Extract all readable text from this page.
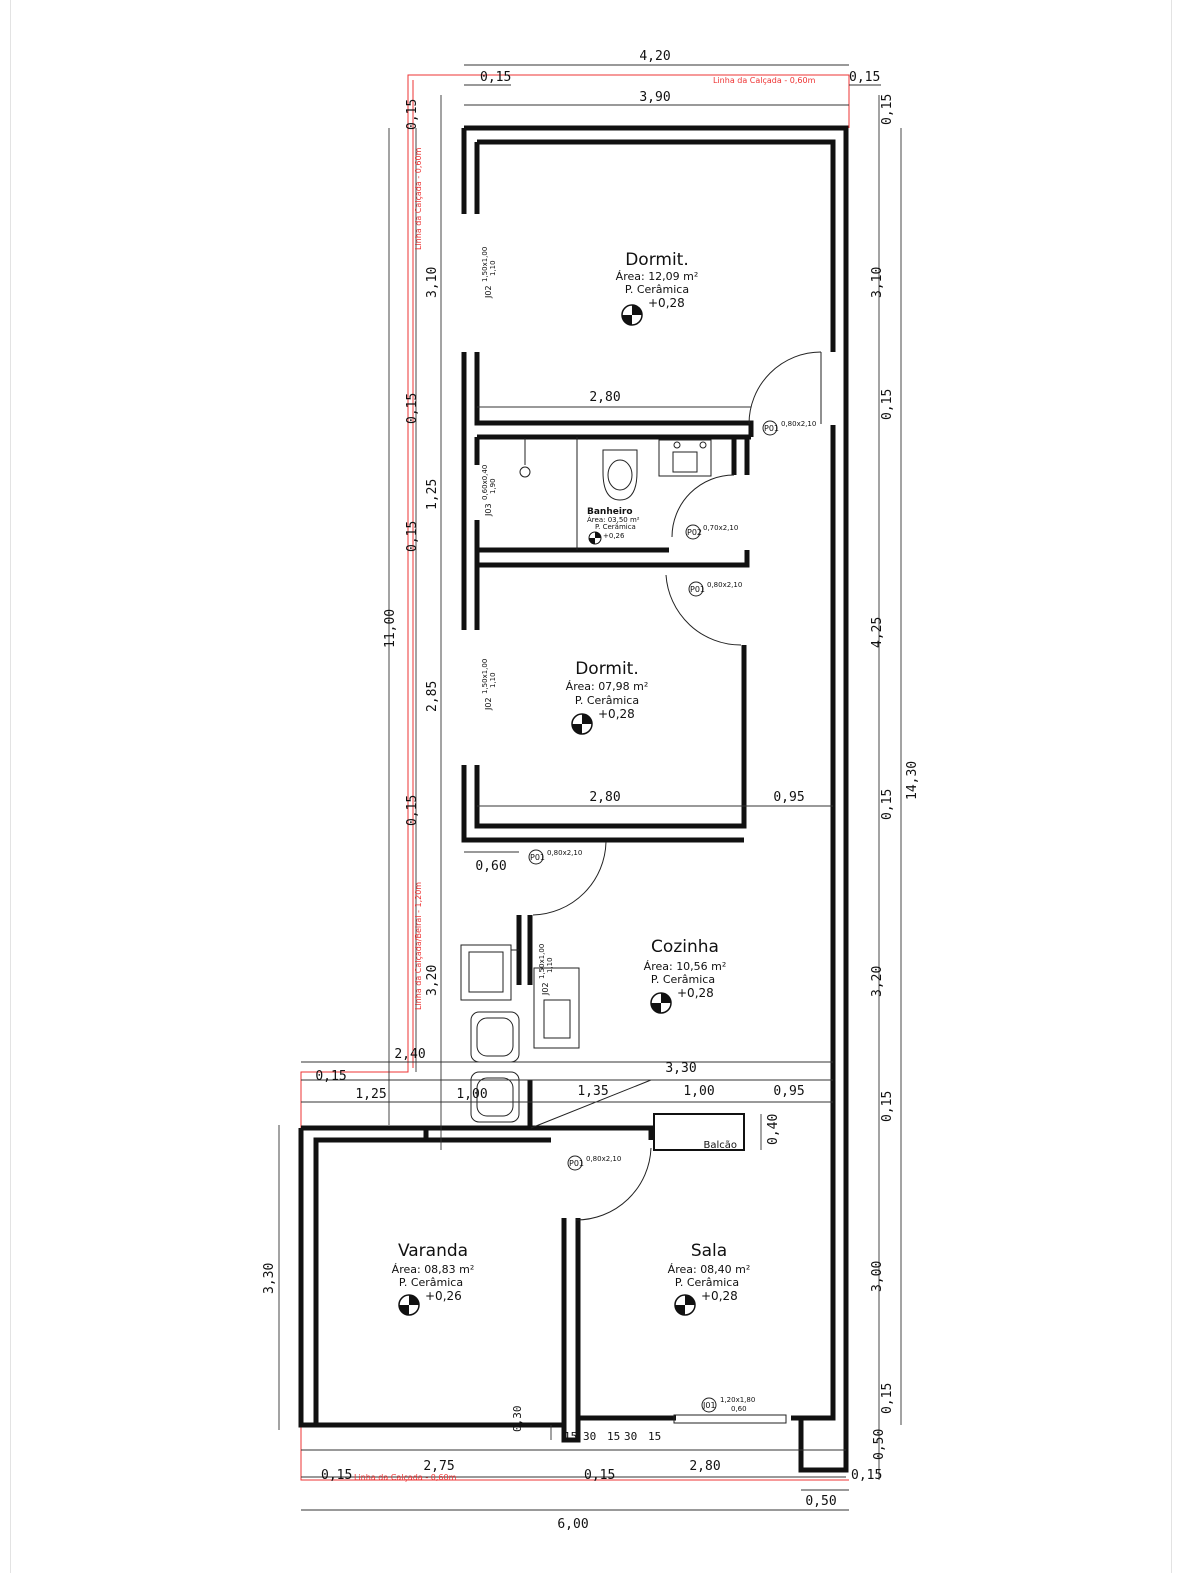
Dormit.
Área: 12,09 m²
P. Cerâmica
+0,28
Banheiro
Área: 03,50 m²
P. Cerâmica
+0,26
Dormit.
Área: 07,98 m²
P. Cerâmica
+0,28
Cozinha
Área: 10,56 m²
P. Cerâmica
+0,28
Varanda
Área: 08,83 m²
P. Cerâmica
+0,26
Sala
Área: 08,40 m²
P. Cerâmica
+0,28
Balcão
P01 0,80x2,10
P02 0,70x2,10
P01 0,80x2,10
P01 0,80x2,10
P01 0,80x2,10
J01
1,20x1,80
0,60
J02
1,50x1,00 1,10
J02
1,50x1,00 1,10
J02
1,50x1,00 1,10
J03
0,60x0,40 1,90
Linha da Calçada - 0,60m
Linha da Calçada - 0,60m
Linha da Calçada - 0,60m
Linha da Calçada/Beiral - 1,20m
4,20
0,15	0,15
3,90	0,15
3,10
0,15
4,25
0,15
3,20
0,15
3,00
0,15
0,50
14,30
0,15
3,10
0,15
1,25
0,15
2,85
0,15
3,20
11,00
3,30
2,80
2,80	0,95
0,60
2,40
0,15
1,25	1,00
3,30
1,35	1,00	0,95
0,40
0,30
15 30 15 30 15
0,15
2,75
0,15
2,80
0,15
0,50
6,00
